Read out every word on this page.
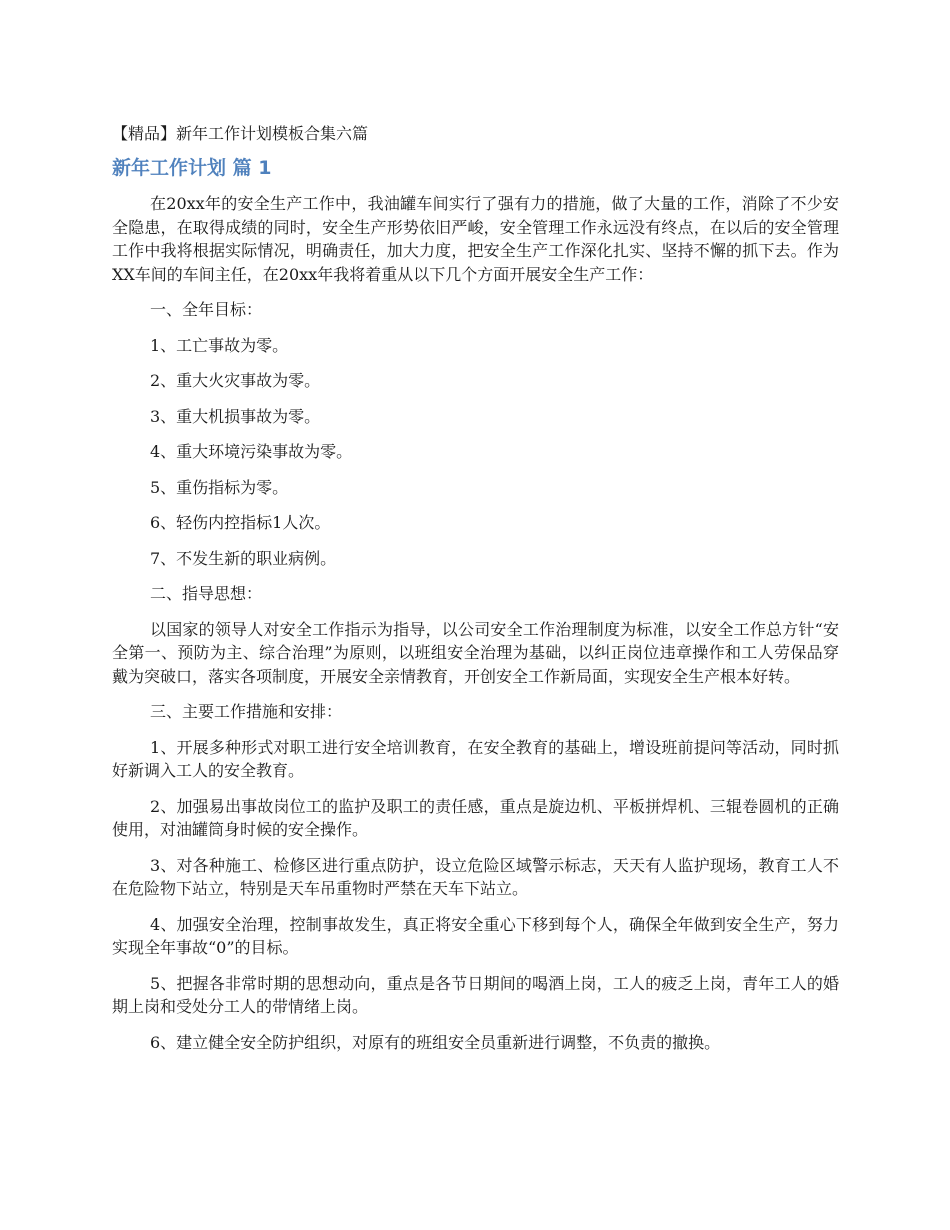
【精品】新年工作计划模板合集六篇
新年工作计划 篇 1

在20xx年的安全生产工作中，我油罐车间实行了强有力的措施，做了大量的工作，消除了不少安全隐患，在取得成绩的同时，安全生产形势依旧严峻，安全管理工作永远没有终点，在以后的安全管理工作中我将根据实际情况，明确责任，加大力度，把安全生产工作深化扎实、坚持不懈的抓下去。作为XX车间的车间主任，在20xx年我将着重从以下几个方面开展安全生产工作：

一、全年目标：

1、工亡事故为零。

2、重大火灾事故为零。

3、重大机损事故为零。

4、重大环境污染事故为零。

5、重伤指标为零。

6、轻伤内控指标1人次。

7、不发生新的职业病例。

二、指导思想：

以国家的领导人对安全工作指示为指导，以公司安全工作治理制度为标准，以安全工作总方针“安全第一、预防为主、综合治理”为原则，以班组安全治理为基础，以纠正岗位违章操作和工人劳保品穿戴为突破口，落实各项制度，开展安全亲情教育，开创安全工作新局面，实现安全生产根本好转。

三、主要工作措施和安排：

1、开展多种形式对职工进行安全培训教育，在安全教育的基础上，增设班前提问等活动，同时抓好新调入工人的安全教育。

2、加强易出事故岗位工的监护及职工的责任感，重点是旋边机、平板拼焊机、三辊卷圆机的正确使用，对油罐筒身时候的安全操作。

3、对各种施工、检修区进行重点防护，设立危险区域警示标志，天天有人监护现场，教育工人不在危险物下站立，特别是天车吊重物时严禁在天车下站立。

4、加强安全治理，控制事故发生，真正将安全重心下移到每个人，确保全年做到安全生产，努力实现全年事故“0”的目标。

5、把握各非常时期的思想动向，重点是各节日期间的喝酒上岗，工人的疲乏上岗，青年工人的婚期上岗和受处分工人的带情绪上岗。

6、建立健全安全防护组织，对原有的班组安全员重新进行调整，不负责的撤换。
